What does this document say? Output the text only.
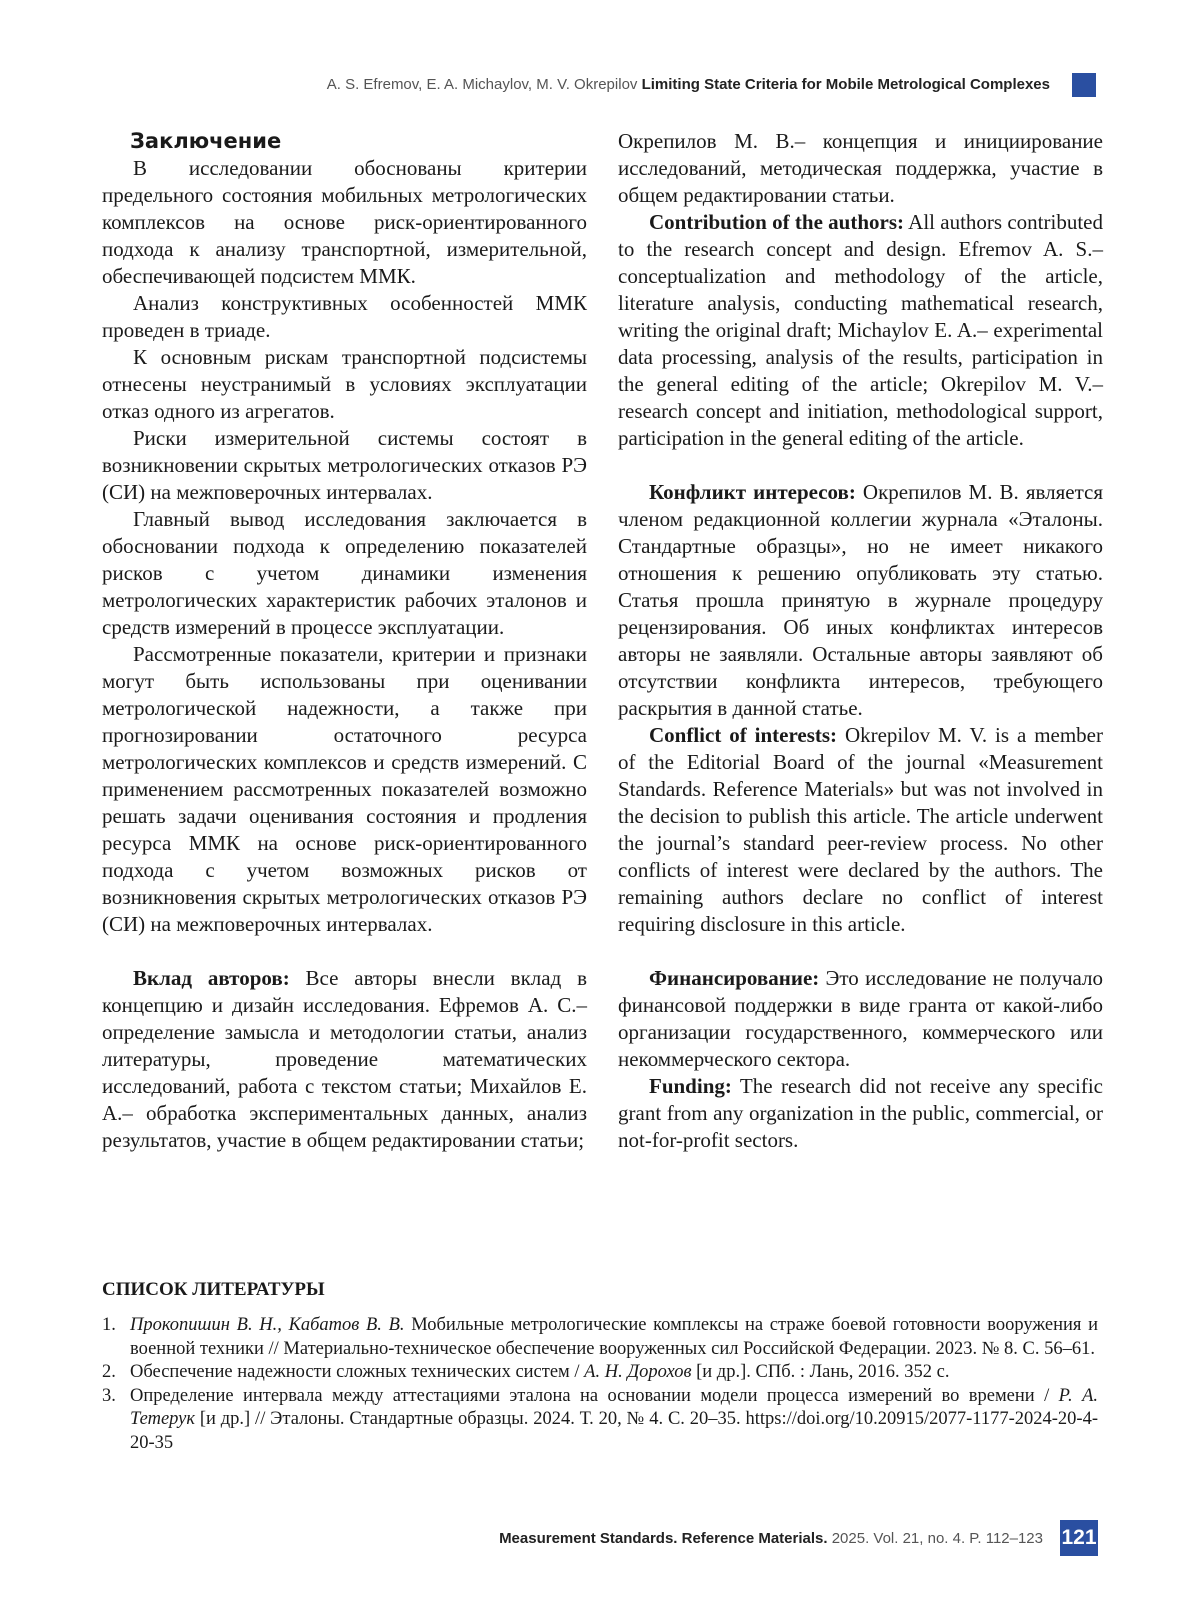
A. S. Efremov, E. A. Michaylov, M. V. Okrepilov Limiting State Criteria for Mobile Metrological Complexes
Заключение

В исследовании обоснованы критерии предельного состояния мобильных метрологических комплексов на основе риск-ориентированного подхода к анализу транспортной, измерительной, обеспечивающей подсистем ММК.

Анализ конструктивных особенностей ММК проведен в триаде.

К основным рискам транспортной подсистемы отнесены неустранимый в условиях эксплуатации отказ одного из агрегатов.

Риски измерительной системы состоят в возникновении скрытых метрологических отказов РЭ (СИ) на межповерочных интервалах.

Главный вывод исследования заключается в обосновании подхода к определению показателей рисков с учетом динамики изменения метрологических характеристик рабочих эталонов и средств измерений в процессе эксплуатации.

Рассмотренные показатели, критерии и признаки могут быть использованы при оценивании метрологической надежности, а также при прогнозировании остаточного ресурса метрологических комплексов и средств измерений. С применением рассмотренных показателей возможно решать задачи оценивания состояния и продления ресурса ММК на основе риск-ориентированного подхода с учетом возможных рисков от возникновения скрытых метрологических отказов РЭ (СИ) на межповерочных интервалах.

Вклад авторов: Все авторы внесли вклад в концепцию и дизайн исследования. Ефремов А. С.– определение замысла и методологии статьи, анализ литературы, проведение математических исследований, работа с текстом статьи; Михайлов Е. А.– обработка экспериментальных данных, анализ результатов, участие в общем редактировании статьи;

Окрепилов М. В.– концепция и инициирование исследований, методическая поддержка, участие в общем редактировании статьи.

Contribution of the authors: All authors contributed to the research concept and design. Efremov A. S.– conceptualization and methodology of the article, literature analysis, conducting mathematical research, writing the original draft; Michaylov E. A.– experimental data processing, analysis of the results, participation in the general editing of the article; Okrepilov M. V.– research concept and initiation, methodological support, participation in the general editing of the article.

Конфликт интересов: Окрепилов М. В. является членом редакционной коллегии журнала «Эталоны. Стандартные образцы», но не имеет никакого отношения к решению опубликовать эту статью. Статья прошла принятую в журнале процедуру рецензирования. Об иных конфликтах интересов авторы не заявляли. Остальные авторы заявляют об отсутствии конфликта интересов, требующего раскрытия в данной статье.

Conflict of interests: Okrepilov M. V. is a member of the Editorial Board of the journal «Measurement Standards. Reference Materials» but was not involved in the decision to publish this article. The article underwent the journal’s standard peer-review process. No other conflicts of interest were declared by the authors. The remaining authors declare no conflict of interest requiring disclosure in this article.

Финансирование: Это исследование не получало финансовой поддержки в виде гранта от какой-либо организации государственного, коммерческого или некоммерческого сектора.

Funding: The research did not receive any specific grant from any organization in the public, commercial, or not-for-profit sectors.

СПИСОК ЛИТЕРАТУРЫ
1. Прокопишин В. Н., Кабатов В. В. Мобильные метрологические комплексы на страже боевой готовности вооружения и военной техники // Материально-техническое обеспечение вооруженных сил Российской Федерации. 2023. № 8. С. 56–61.
2. Обеспечение надежности сложных технических систем / А. Н. Дорохов [и др.]. СПб. : Лань, 2016. 352 с.
3. Определение интервала между аттестациями эталона на основании модели процесса измерений во времени / Р. А. Тетерук [и др.] // Эталоны. Стандартные образцы. 2024. Т. 20, № 4. С. 20–35. https://doi.org/10.20915/2077-1177-2024-20-4-20-35
Measurement Standards. Reference Materials. 2025. Vol. 21, no. 4. P. 112–123 121
